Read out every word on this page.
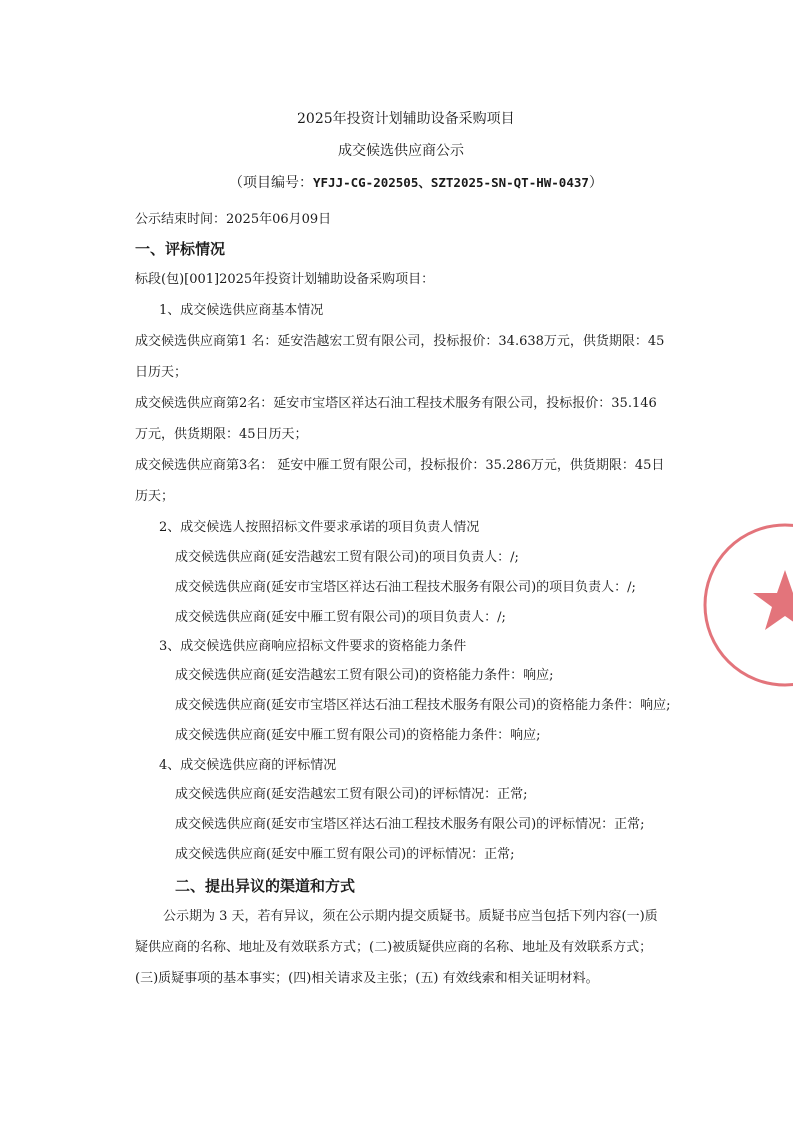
2025年投资计划辅助设备采购项目
成交候选供应商公示
（项目编号：YFJJ-CG-202505、SZT2025-SN-QT-HW-0437）
公示结束时间：2025年06月09日
一、评标情况
标段(包)[001]2025年投资计划辅助设备采购项目：
1、成交候选供应商基本情况
成交候选供应商第1 名：延安浩越宏工贸有限公司，投标报价：34.638万元，供货期限：45
日历天；
成交候选供应商第2名：延安市宝塔区祥达石油工程技术服务有限公司，投标报价：35.146
万元，供货期限：45日历天；
成交候选供应商第3名： 延安中雁工贸有限公司，投标报价：35.286万元，供货期限：45日
历天；
2、成交候选人按照招标文件要求承诺的项目负责人情况
成交候选供应商(延安浩越宏工贸有限公司)的项目负责人：/;
成交候选供应商(延安市宝塔区祥达石油工程技术服务有限公司)的项目负责人：/;
成交候选供应商(延安中雁工贸有限公司)的项目负责人：/;
3、成交候选供应商响应招标文件要求的资格能力条件
成交候选供应商(延安浩越宏工贸有限公司)的资格能力条件：响应;
成交候选供应商(延安市宝塔区祥达石油工程技术服务有限公司)的资格能力条件：响应;
成交候选供应商(延安中雁工贸有限公司)的资格能力条件：响应;
4、成交候选供应商的评标情况
成交候选供应商(延安浩越宏工贸有限公司)的评标情况：正常;
成交候选供应商(延安市宝塔区祥达石油工程技术服务有限公司)的评标情况：正常;
成交候选供应商(延安中雁工贸有限公司)的评标情况：正常;
二、提出异议的渠道和方式
公示期为 3 天，若有异议，须在公示期内提交质疑书。质疑书应当包括下列内容(一)质
疑供应商的名称、地址及有效联系方式；(二)被质疑供应商的名称、地址及有效联系方式；
(三)质疑事项的基本事实；(四)相关请求及主张；(五) 有效线索和相关证明材料。
